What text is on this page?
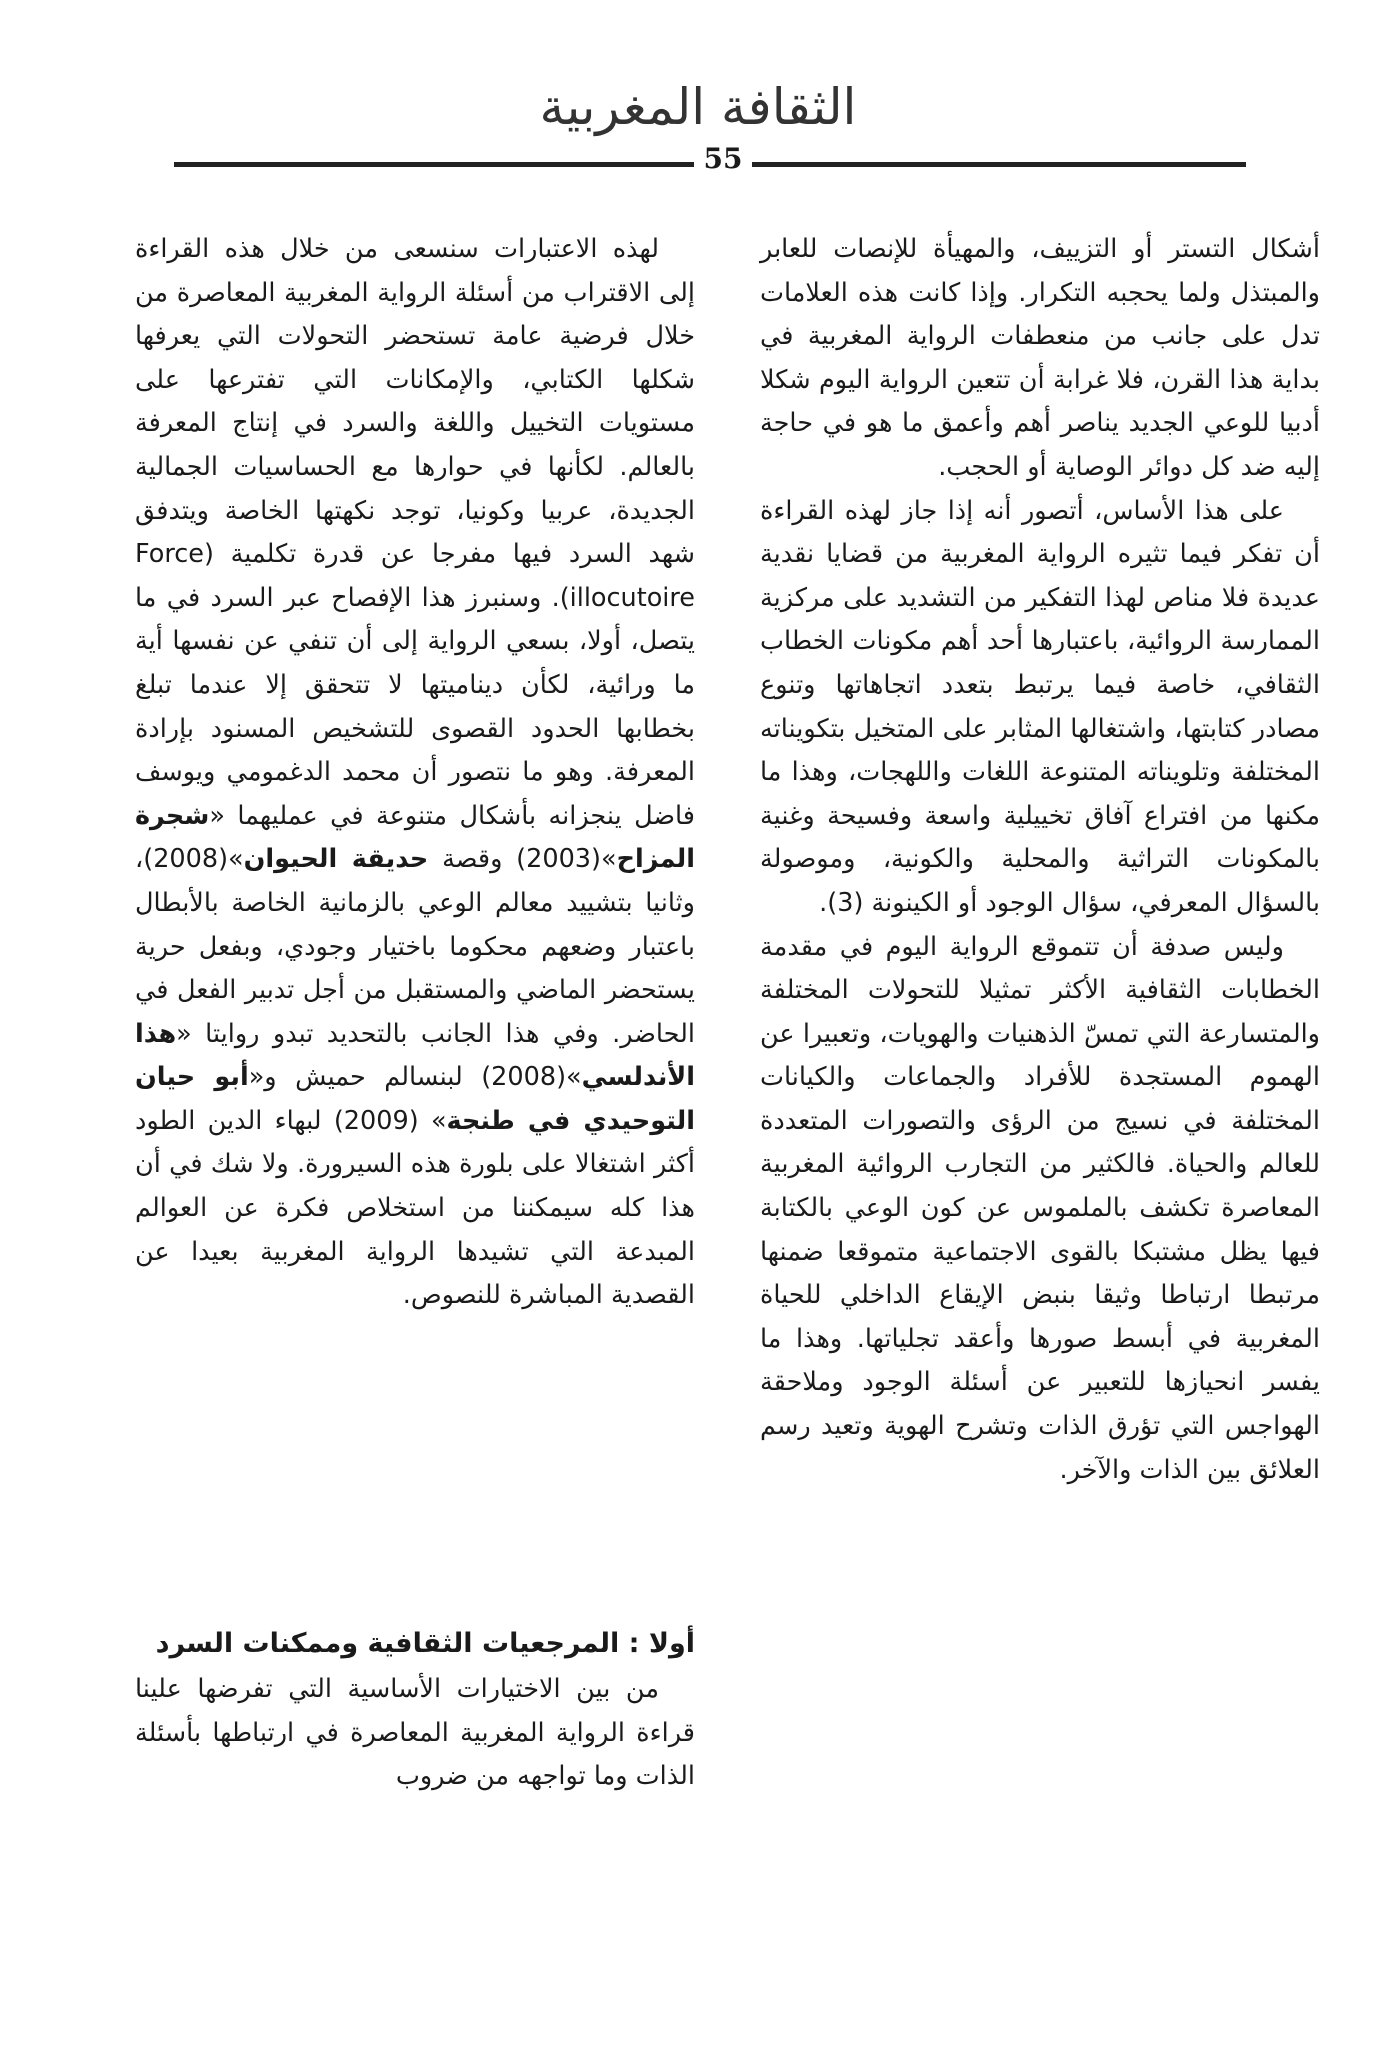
الثقافة المغربية
55

أشكال التستر أو التزييف، والمهيأة للإنصات للعابر والمبتذل ولما يحجبه التكرار. وإذا كانت هذه العلامات تدل على جانب من منعطفات الرواية المغربية في بداية هذا القرن، فلا غرابة أن تتعين الرواية اليوم شكلا أدبيا للوعي الجديد يناصر أهم وأعمق ما هو في حاجة إليه ضد كل دوائر الوصاية أو الحجب.

على هذا الأساس، أتصور أنه إذا جاز لهذه القراءة أن تفكر فيما تثيره الرواية المغربية من قضايا نقدية عديدة فلا مناص لهذا التفكير من التشديد على مركزية الممارسة الروائية، باعتبارها أحد أهم مكونات الخطاب الثقافي، خاصة فيما يرتبط بتعدد اتجاهاتها وتنوع مصادر كتابتها، واشتغالها المثابر على المتخيل بتكويناته المختلفة وتلويناته المتنوعة اللغات واللهجات، وهذا ما مكنها من افتراع آفاق تخييلية واسعة وفسيحة وغنية بالمكونات التراثية والمحلية والكونية، وموصولة بالسؤال المعرفي، سؤال الوجود أو الكينونة (3).

وليس صدفة أن تتموقع الرواية اليوم في مقدمة الخطابات الثقافية الأكثر تمثيلا للتحولات المختلفة والمتسارعة التي تمسّ الذهنيات والهويات، وتعبيرا عن الهموم المستجدة للأفراد والجماعات والكيانات المختلفة في نسيج من الرؤى والتصورات المتعددة للعالم والحياة. فالكثير من التجارب الروائية المغربية المعاصرة تكشف بالملموس عن كون الوعي بالكتابة فيها يظل مشتبكا بالقوى الاجتماعية متموقعا ضمنها مرتبطا ارتباطا وثيقا بنبض الإيقاع الداخلي للحياة المغربية في أبسط صورها وأعقد تجلياتها. وهذا ما يفسر انحيازها للتعبير عن أسئلة الوجود وملاحقة الهواجس التي تؤرق الذات وتشرح الهوية وتعيد رسم العلائق بين الذات والآخر.

لهذه الاعتبارات سنسعى من خلال هذه القراءة إلى الاقتراب من أسئلة الرواية المغربية المعاصرة من خلال فرضية عامة تستحضر التحولات التي يعرفها شكلها الكتابي، والإمكانات التي تفترعها على مستويات التخييل واللغة والسرد في إنتاج المعرفة بالعالم. لكأنها في حوارها مع الحساسيات الجمالية الجديدة، عربيا وكونيا، توجد نكهتها الخاصة ويتدفق شهد السرد فيها مفرجا عن قدرة تكلمية (Force illocutoire). وسنبرز هذا الإفصاح عبر السرد في ما يتصل، أولا، بسعي الرواية إلى أن تنفي عن نفسها أية ما ورائية، لكأن ديناميتها لا تتحقق إلا عندما تبلغ بخطابها الحدود القصوى للتشخيص المسنود بإرادة المعرفة. وهو ما نتصور أن محمد الدغمومي ويوسف فاضل ينجزانه بأشكال متنوعة في عمليهما «شجرة المزاح»(2003) وقصة حديقة الحيوان»(2008)، وثانيا بتشييد معالم الوعي بالزمانية الخاصة بالأبطال باعتبار وضعهم محكوما باختيار وجودي، وبفعل حرية يستحضر الماضي والمستقبل من أجل تدبير الفعل في الحاضر. وفي هذا الجانب بالتحديد تبدو روايتا «هذا الأندلسي»(2008) لبنسالم حميش و«أبو حيان التوحيدي في طنجة» (2009) لبهاء الدين الطود أكثر اشتغالا على بلورة هذه السيرورة. ولا شك في أن هذا كله سيمكننا من استخلاص فكرة عن العوالم المبدعة التي تشيدها الرواية المغربية بعيدا عن القصدية المباشرة للنصوص.

أولا : المرجعيات الثقافية وممكنات السرد

من بين الاختيارات الأساسية التي تفرضها علينا قراءة الرواية المغربية المعاصرة في ارتباطها بأسئلة الذات وما تواجهه من ضروب
